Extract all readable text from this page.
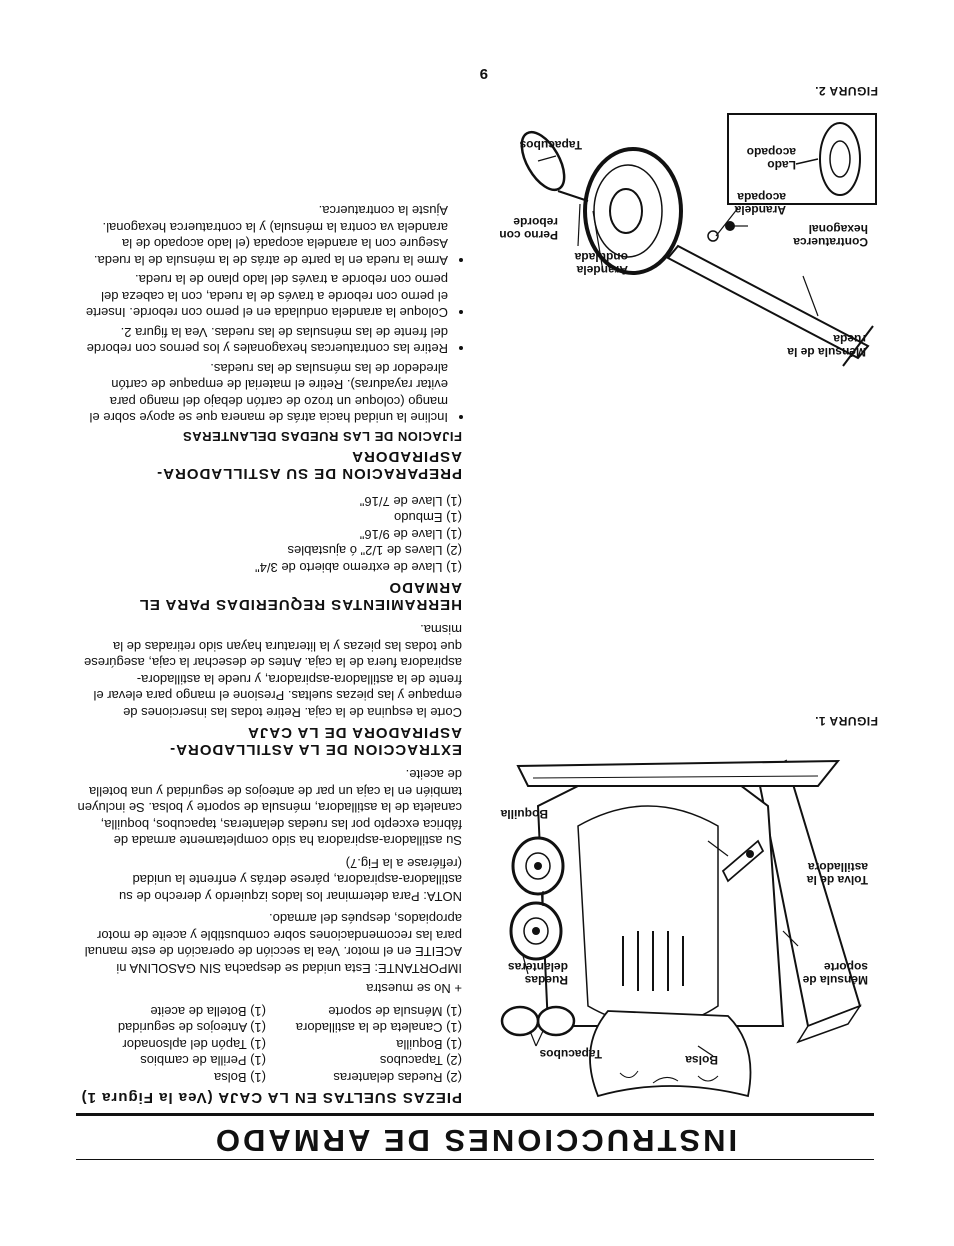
INSTRUCCIONES DE ARMADO
PIEZAS SUELTAS EN LA CAJA (Vea la Figura 1)
(2) Ruedas delanteras
(1) Bolsa
(2) Tapacubos
(1) Perilla de cambios
(1) Boquilla
(1) Tapón del aplsonador
(1) Canaleta de la astilladora
(1) Anteojos de seguridad
(1) Ménsula de soporte
(1) Botella de aceite
+ No se muestra
IMPORTANTE: Esta unidad se despacha SIN GASOLINA ni ACEITE en el motor. Vea la sección de operación de este manual para las recomendaciones sobre combustible y aceite de motor apropiados, después del armado.
NOTA: Para determinar los lados izquierdo y derecho de su astilladora-aspiradora, párese detrás y enfrente la unidad (refiérase a la Fig.7)
Su astilladora-aspiradora ha sido completamente armada de fábrica excepto por las ruedas delanteras, tapacubos, boquilla, canaleta de la astilladora, ménsula de soporte y bolsa. Se incluyen también en la caja un par de anteojos de seguridad y una botella de aceite.
EXTRACCION DE LA ASTILLADORA-ASPIRADORA DE LA CAJA
Corte la esquina de la caja. Retire todas las inserciones de empaque y las piezas sueltas. Presione el mango para elevar el frente de la astilladora-aspiradora, y ruede la astilladora-aspiradora fuera de la caja. Antes de desechar la caja, asegúrese que todas las piezas y la literatura hayan sido retiradas de la misma.
HERRAMIENTAS REQUERIDAS PARA EL ARMADO
(1) Llave de extremo abierto de 3/4"
(2) Llaves de 1/2" ó ajustables
(1) Llave de 9/16"
(1) Embudo
(1) Llave de 7/16"
PREPARACION DE SU ASTILLADORA-ASPIRADORA
FIJACION DE LAS RUEDAS DELANTERAS
• Incline la unidad hacia atrás de manera que se apoye sobre el mango (coloque un trozo de cartón debajo del mango para evitar rayaduras). Retire el material de empaque de cartón alrededor de las ménsulas de las ruedas.
• Retire las contratuercas hexagonales y los pernos con reborde del frente de las ménsulas de las ruedas. Vea la figura 2.
• Coloque la arandela ondulada en el perno con reborde. Inserte el perno con reborde a través de la rueda, con la cabeza del perno con reborde a través del lado plano de la rueda.
• Arme la rueda en la parte de atrás de la ménsula de la rueda. Asegure con la arandela acopada (el lado acopado de la arandela va contra la ménsula) y la contratuerca hexagonal. Ajuste la contratuerca.
Tapacubos	Bolsa
Ruedas delanteras
Boquilla
Ménsula de soporte
Tolva de la astilladora
FIGURA 1.
Ménsula de la rueda
Contratuerca hexagonal
Arandela acopada
Arandela ondulada
Perno con reborde
Tapacubos
Lado
acopado
FIGURA 2.
9
